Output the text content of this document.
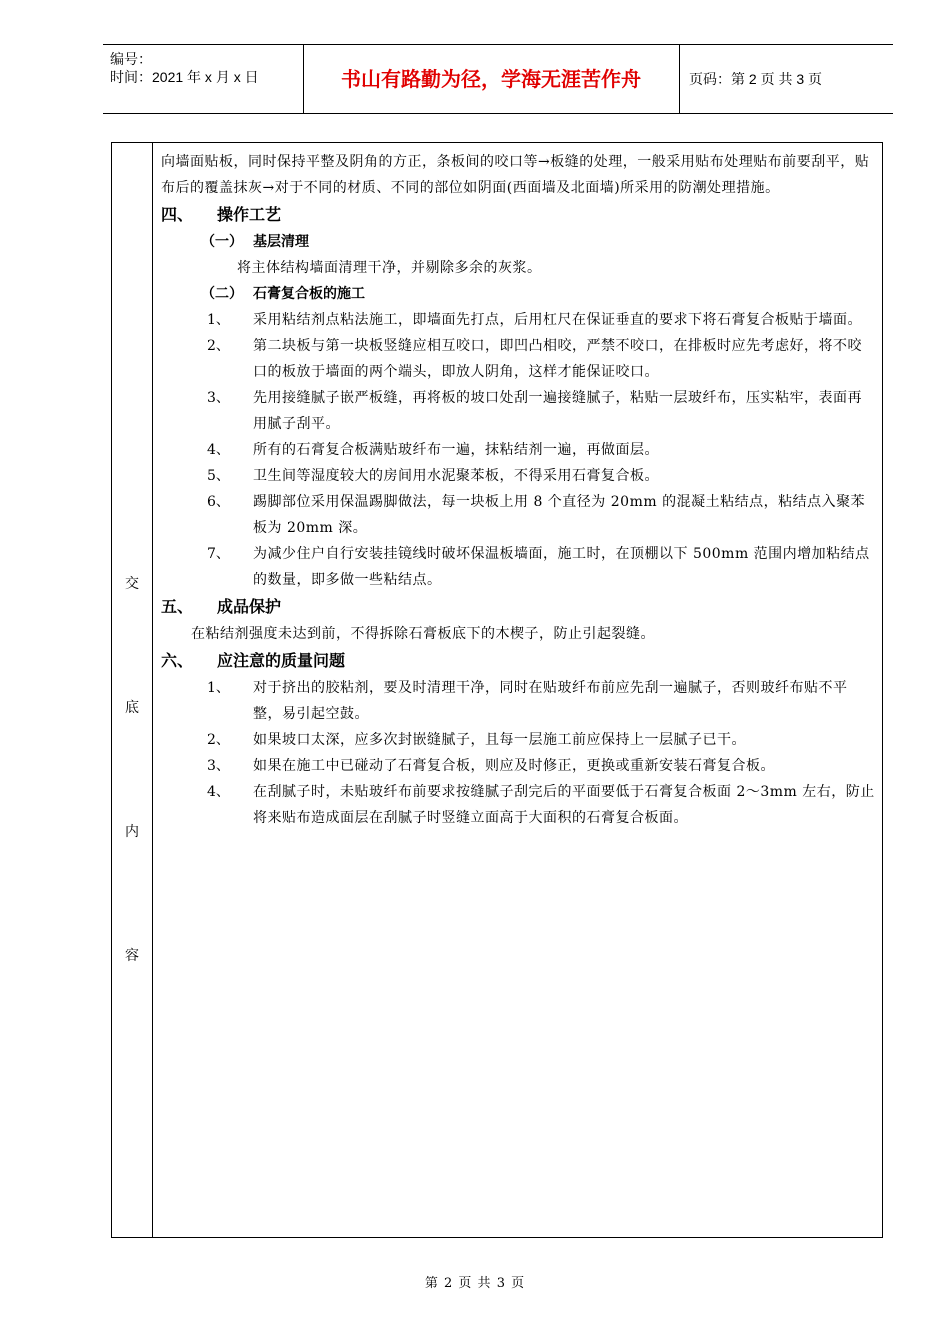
编号：
时间：2021 年 x 月 x 日	书山有路勤为径，学海无涯苦作舟	页码：第 2 页 共 3 页
交
底
内
容

向墙面贴板，同时保持平整及阴角的方正，条板间的咬口等→板缝的处理，一般采用贴布处理贴布前要刮平，贴布后的覆盖抹灰→对于不同的材质、不同的部位如阴面(西面墙及北面墙)所采用的防潮处理措施。

四、 操作工艺

（一） 基层清理

将主体结构墙面清理干净，并剔除多余的灰浆。

（二） 石膏复合板的施工

1、	采用粘结剂点粘法施工，即墙面先打点，后用杠尺在保证垂直的要求下将石膏复合板贴于墙面。
2、	第二块板与第一块板竖缝应相互咬口，即凹凸相咬，严禁不咬口，在排板时应先考虑好，将不咬口的板放于墙面的两个端头，即放人阴角，这样才能保证咬口。
3、	先用接缝腻子嵌严板缝，再将板的坡口处刮一遍接缝腻子，粘贴一层玻纤布，压实粘牢，表面再用腻子刮平。
4、	所有的石膏复合板满贴玻纤布一遍，抹粘结剂一遍，再做面层。
5、	卫生间等湿度较大的房间用水泥聚苯板，不得采用石膏复合板。
6、	踢脚部位采用保温踢脚做法，每一块板上用 8 个直径为 20mm 的混凝土粘结点，粘结点入聚苯板为 20mm 深。
7、	为减少住户自行安装挂镜线时破坏保温板墙面，施工时，在顶棚以下 500mm 范围内增加粘结点的数量，即多做一些粘结点。

五、 成品保护

在粘结剂强度未达到前，不得拆除石膏板底下的木楔子，防止引起裂缝。

六、 应注意的质量问题

1、	对于挤出的胶粘剂，要及时清理干净，同时在贴玻纤布前应先刮一遍腻子，否则玻纤布贴不平整，易引起空鼓。
2、	如果坡口太深，应多次封嵌缝腻子，且每一层施工前应保持上一层腻子已干。
3、	如果在施工中已碰动了石膏复合板，则应及时修正，更换或重新安装石膏复合板。
4、	在刮腻子时，未贴玻纤布前要求按缝腻子刮完后的平面要低于石膏复合板面 2～3mm 左右，防止将来贴布造成面层在刮腻子时竖缝立面高于大面积的石膏复合板面。
第 2 页 共 3 页
